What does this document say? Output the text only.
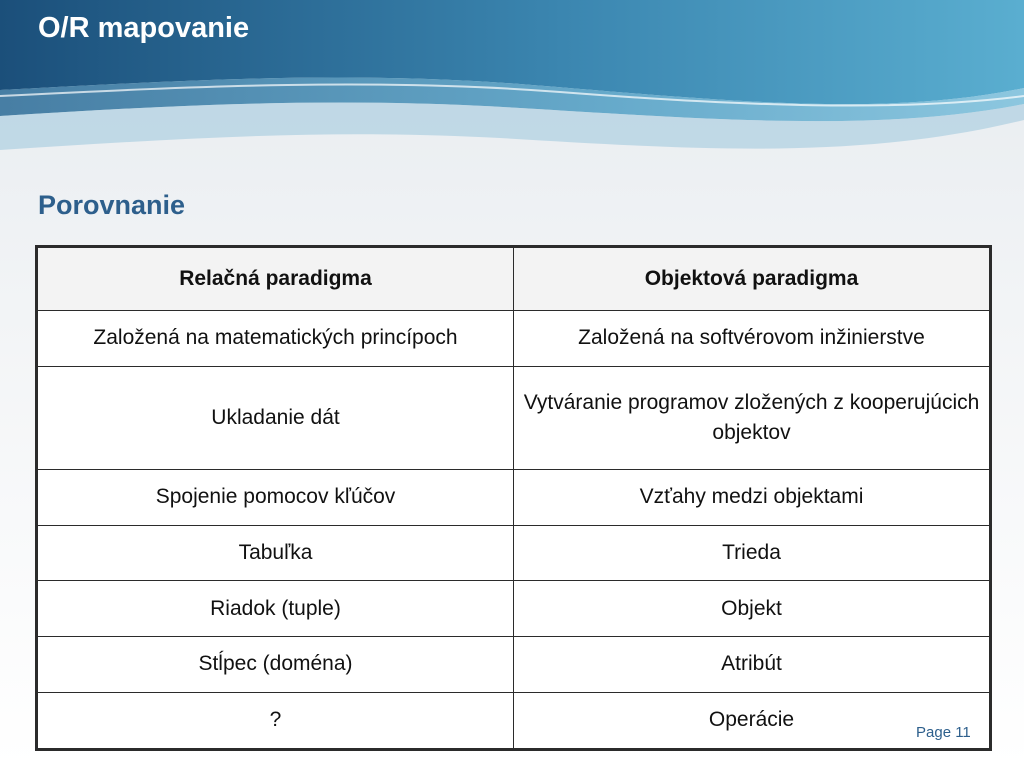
O/R mapovanie
Porovnanie
Relačná paradigma	Objektová paradigma
Založená na matematických princípoch	Založená na softvérovom inžinierstve
Ukladanie dát	Vytváranie programov zložených z kooperujúcich objektov
Spojenie pomocov kľúčov	Vzťahy medzi objektami
Tabuľka	Trieda
Riadok (tuple)	Objekt
Stĺpec (doména)	Atribút
?	Operácie
Page 11
